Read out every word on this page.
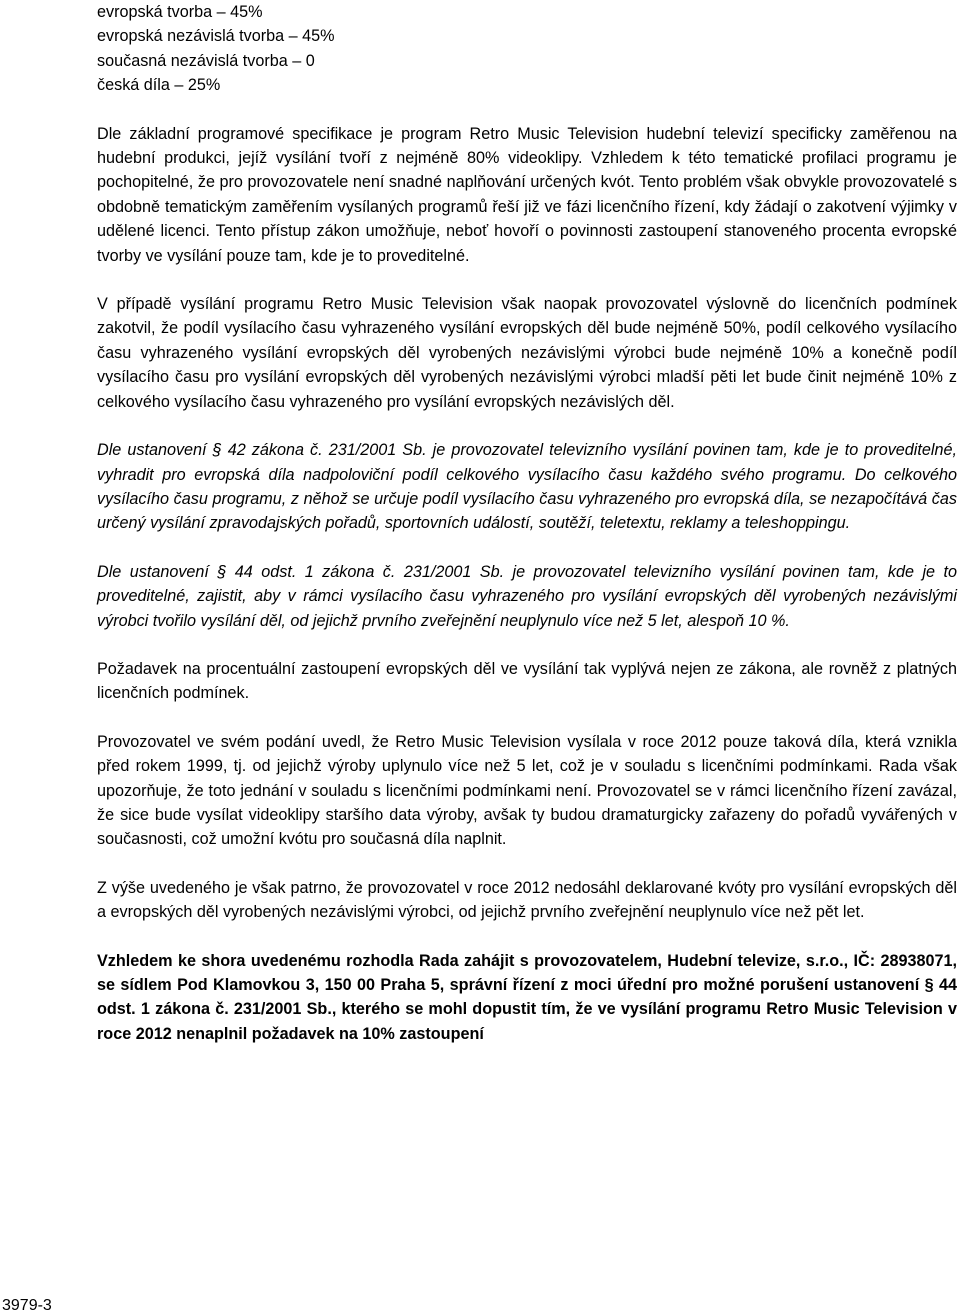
evropská tvorba – 45%
evropská nezávislá tvorba – 45%
současná nezávislá tvorba – 0
česká díla – 25%

Dle základní programové specifikace je program Retro Music Television hudební televizí specificky zaměřenou na hudební produkci, jejíž vysílání tvoří z nejméně 80% videoklipy. Vzhledem k této tematické profilaci programu je pochopitelné, že pro provozovatele není snadné naplňování určených kvót. Tento problém však obvykle provozovatelé s obdobně tematickým zaměřením vysílaných programů řeší již ve fázi licenčního řízení, kdy žádají o zakotvení výjimky v udělené licenci. Tento přístup zákon umožňuje, neboť hovoří o povinnosti zastoupení stanoveného procenta evropské tvorby ve vysílání pouze tam, kde je to proveditelné.

V případě vysílání programu Retro Music Television však naopak provozovatel výslovně do licenčních podmínek zakotvil, že podíl vysílacího času vyhrazeného vysílání evropských děl bude nejméně 50%, podíl celkového vysílacího času vyhrazeného vysílání evropských děl vyrobených nezávislými výrobci bude nejméně 10% a konečně podíl vysílacího času pro vysílání evropských děl vyrobených nezávislými výrobci mladší pěti let bude činit nejméně 10% z celkového vysílacího času vyhrazeného pro vysílání evropských nezávislých děl.

Dle ustanovení § 42 zákona č. 231/2001 Sb. je provozovatel televizního vysílání povinen tam, kde je to proveditelné, vyhradit pro evropská díla nadpoloviční podíl celkového vysílacího času každého svého programu. Do celkového vysílacího času programu, z něhož se určuje podíl vysílacího času vyhrazeného pro evropská díla, se nezapočítává čas určený vysílání zpravodajských pořadů, sportovních událostí, soutěží, teletextu, reklamy a teleshoppingu.

Dle ustanovení § 44 odst. 1 zákona č. 231/2001 Sb. je provozovatel televizního vysílání povinen tam, kde je to proveditelné, zajistit, aby v rámci vysílacího času vyhrazeného pro vysílání evropských děl vyrobených nezávislými výrobci tvořilo vysílání děl, od jejichž prvního zveřejnění neuplynulo více než 5 let, alespoň 10 %.

Požadavek na procentuální zastoupení evropských děl ve vysílání tak vyplývá nejen ze zákona, ale rovněž z platných licenčních podmínek.

Provozovatel ve svém podání uvedl, že Retro Music Television vysílala v roce 2012 pouze taková díla, která vznikla před rokem 1999, tj. od jejichž výroby uplynulo více než 5 let, což je v souladu s licenčními podmínkami. Rada však upozorňuje, že toto jednání v souladu s licenčními podmínkami není. Provozovatel se v rámci licenčního řízení zavázal, že sice bude vysílat videoklipy staršího data výroby, avšak ty budou dramaturgicky zařazeny do pořadů vyvářených v současnosti, což umožní kvótu pro současná díla naplnit.

Z výše uvedeného je však patrno, že provozovatel v roce 2012 nedosáhl deklarované kvóty pro vysílání evropských děl a evropských děl vyrobených nezávislými výrobci, od jejichž prvního zveřejnění neuplynulo více než pět let.

Vzhledem ke shora uvedenému rozhodla Rada zahájit s provozovatelem, Hudební televize, s.r.o., IČ: 28938071, se sídlem Pod Klamovkou 3, 150 00 Praha 5, správní řízení z moci úřední pro možné porušení ustanovení § 44 odst. 1 zákona č. 231/2001 Sb., kterého se mohl dopustit tím, že ve vysílání programu Retro Music Television v roce 2012 nenaplnil požadavek na 10% zastoupení

3979-3
